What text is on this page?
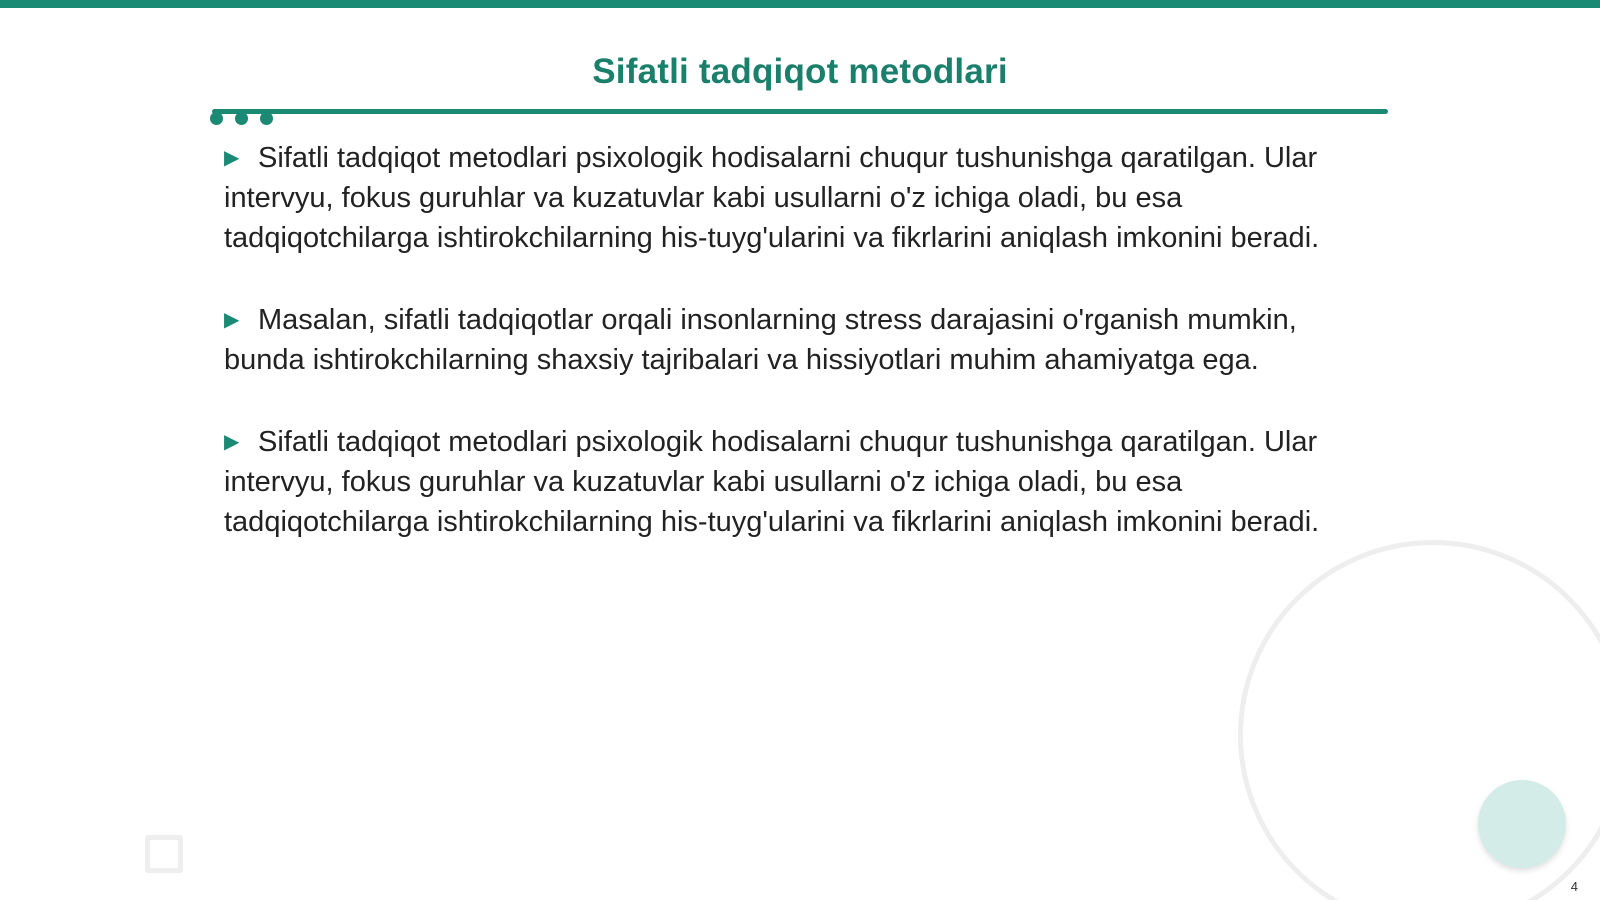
Sifatli tadqiqot metodlari

▶ Sifatli tadqiqot metodlari psixologik hodisalarni chuqur tushunishga qaratilgan. Ular intervyu, fokus guruhlar va kuzatuvlar kabi usullarni o'z ichiga oladi, bu esa tadqiqotchilarga ishtirokchilarning his-tuyg'ularini va fikrlarini aniqlash imkonini beradi.

▶ Masalan, sifatli tadqiqotlar orqali insonlarning stress darajasini o'rganish mumkin, bunda ishtirokchilarning shaxsiy tajribalari va hissiyotlari muhim ahamiyatga ega.

▶ Sifatli tadqiqot metodlari psixologik hodisalarni chuqur tushunishga qaratilgan. Ular intervyu, fokus guruhlar va kuzatuvlar kabi usullarni o'z ichiga oladi, bu esa tadqiqotchilarga ishtirokchilarning his-tuyg'ularini va fikrlarini aniqlash imkonini beradi.

4
